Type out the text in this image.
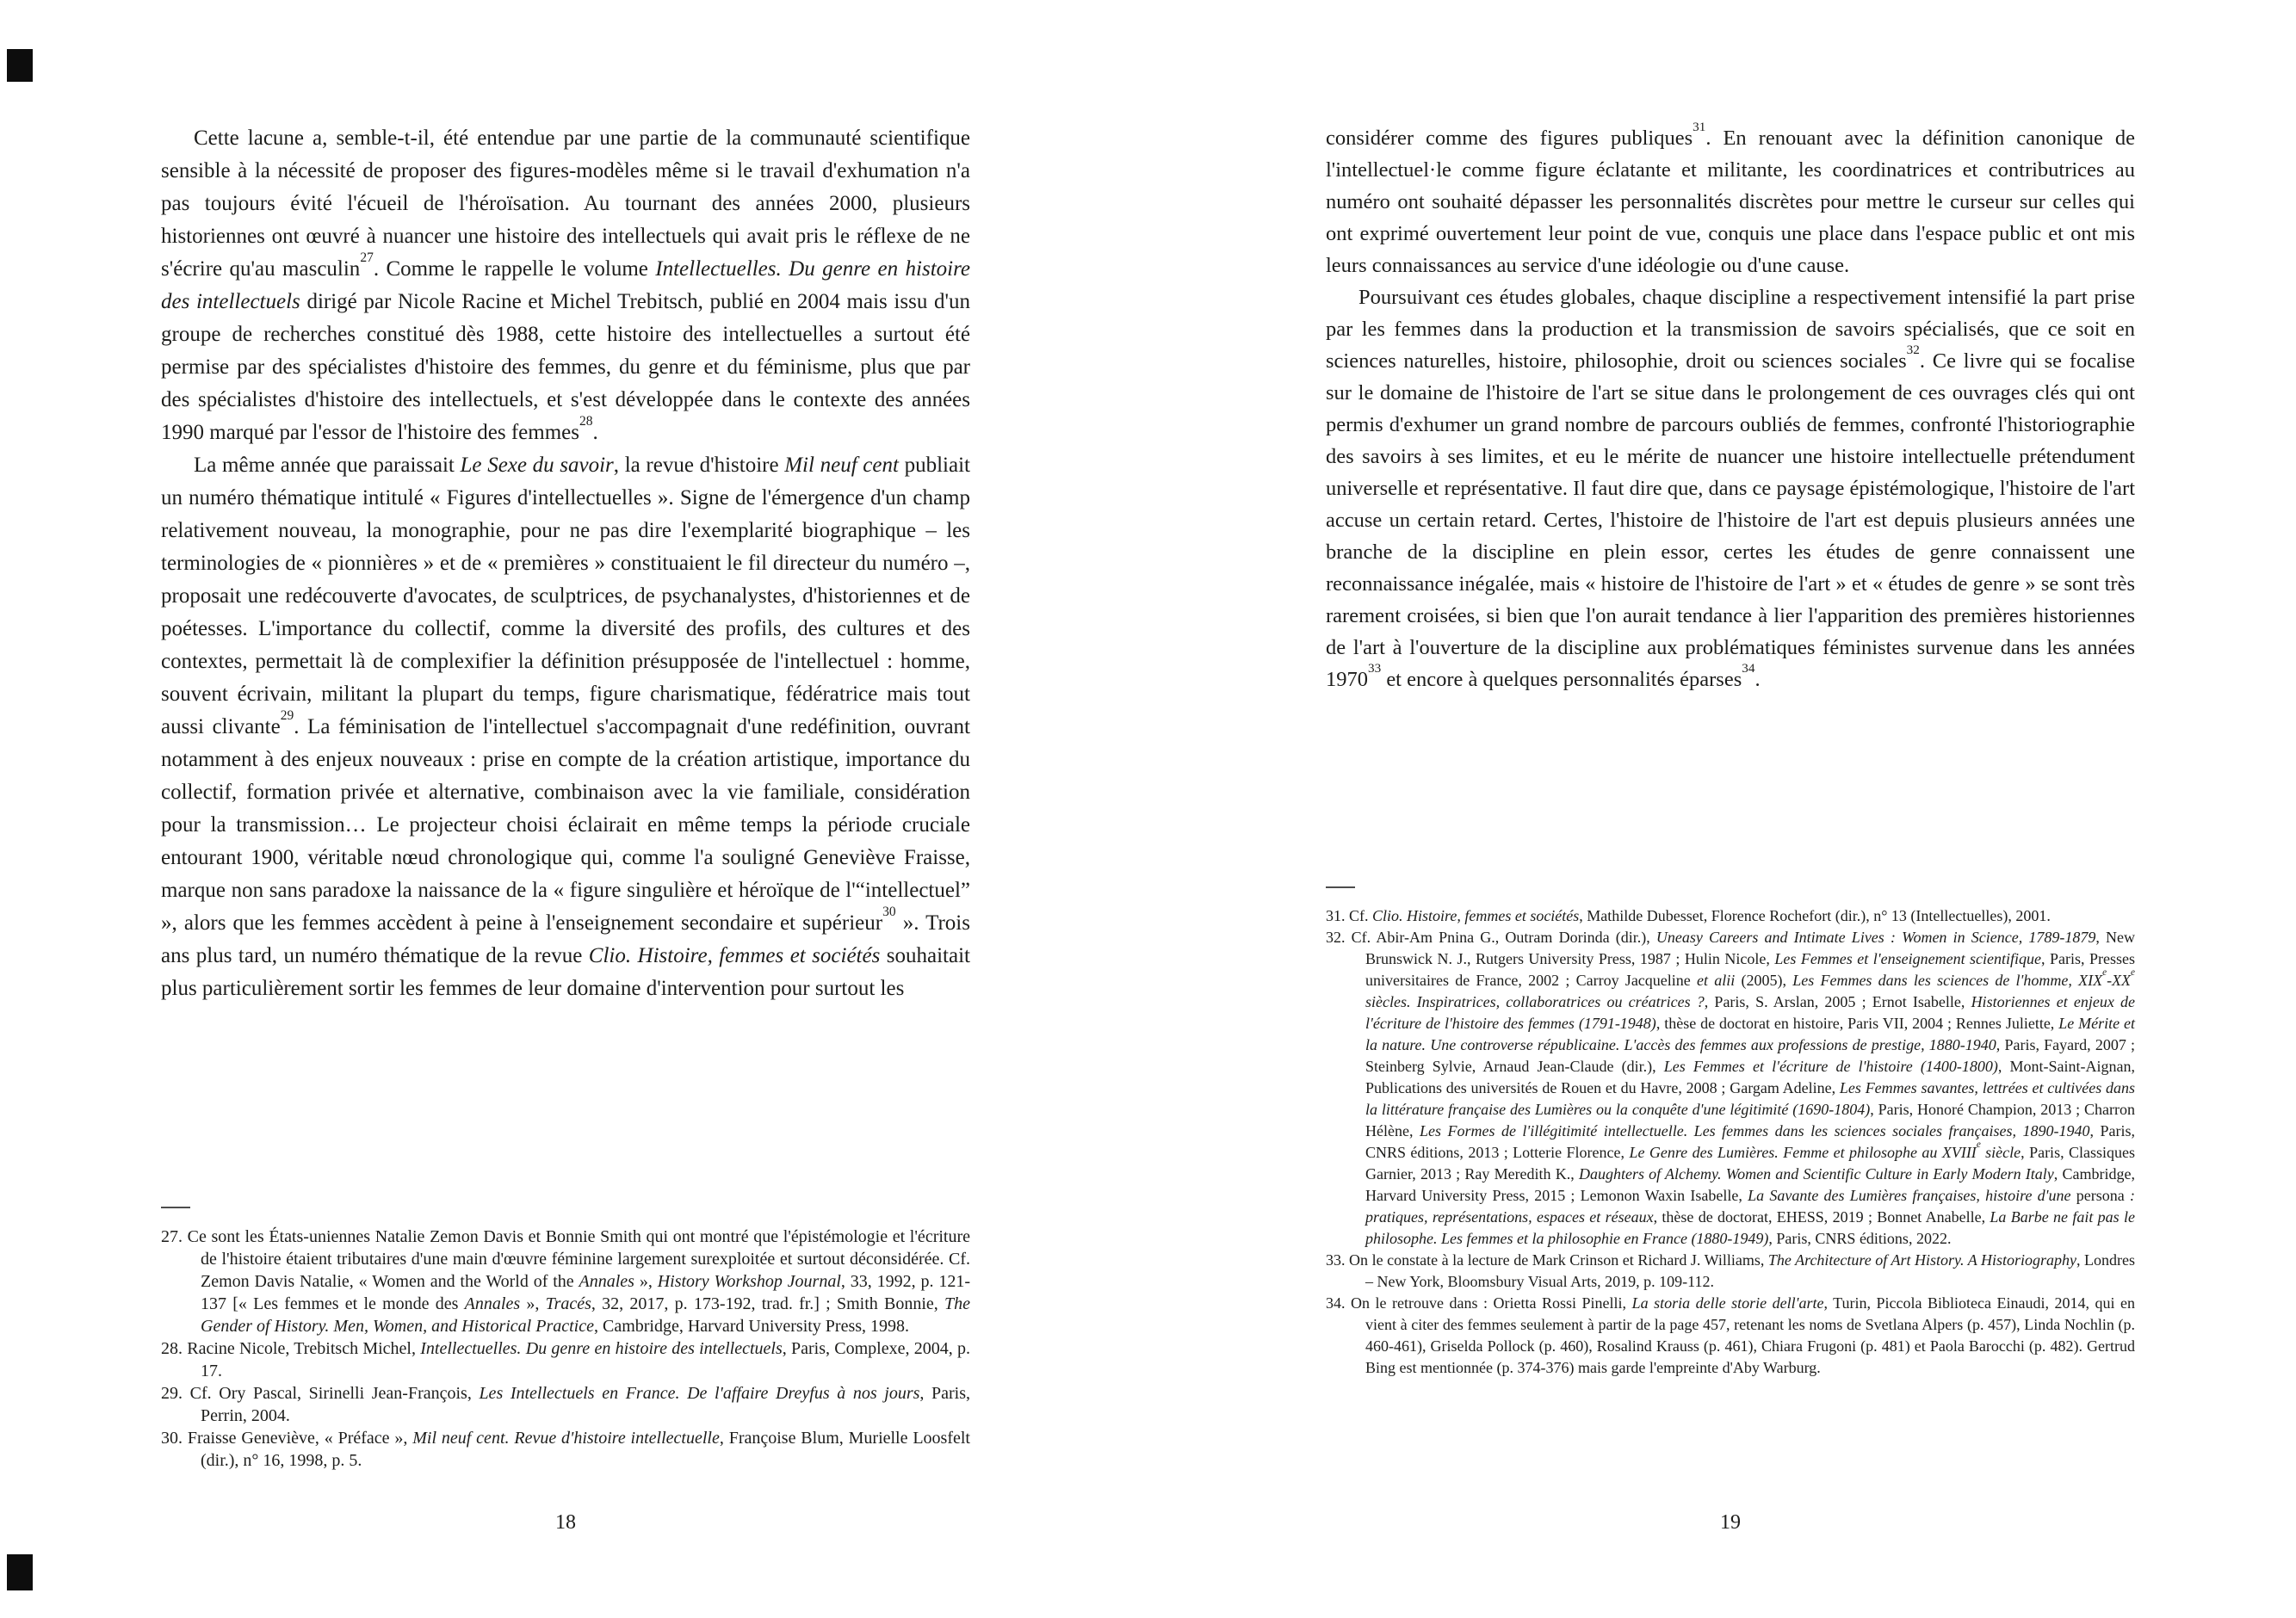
Cette lacune a, semble-t-il, été entendue par une partie de la communauté scientifique sensible à la nécessité de proposer des figures-modèles même si le travail d'exhumation n'a pas toujours évité l'écueil de l'héroïsation. Au tournant des années 2000, plusieurs historiennes ont œuvré à nuancer une histoire des intellectuels qui avait pris le réflexe de ne s'écrire qu'au masculin$^{27}$. Comme le rappelle le volume Intellectuelles. Du genre en histoire des intellectuels dirigé par Nicole Racine et Michel Trebitsch, publié en 2004 mais issu d'un groupe de recherches constitué dès 1988, cette histoire des intellectuelles a surtout été permise par des spécialistes d'histoire des femmes, du genre et du féminisme, plus que par des spécialistes d'histoire des intellectuels, et s'est développée dans le contexte des années 1990 marqué par l'essor de l'histoire des femmes$^{28}$.

La même année que paraissait Le Sexe du savoir, la revue d'histoire Mil neuf cent publiait un numéro thématique intitulé « Figures d'intellectuelles ». Signe de l'émergence d'un champ relativement nouveau, la monographie, pour ne pas dire l'exemplarité biographique – les terminologies de « pionnières » et de « premières » constituaient le fil directeur du numéro –, proposait une redécouverte d'avocates, de sculptrices, de psychanalystes, d'historiennes et de poétesses. L'importance du collectif, comme la diversité des profils, des cultures et des contextes, permettait là de complexifier la définition présupposée de l'intellectuel : homme, souvent écrivain, militant la plupart du temps, figure charismatique, fédératrice mais tout aussi clivante$^{29}$. La féminisation de l'intellectuel s'accompagnait d'une redéfinition, ouvrant notamment à des enjeux nouveaux : prise en compte de la création artistique, importance du collectif, formation privée et alternative, combinaison avec la vie familiale, considération pour la transmission… Le projecteur choisi éclairait en même temps la période cruciale entourant 1900, véritable nœud chronologique qui, comme l'a souligné Geneviève Fraisse, marque non sans paradoxe la naissance de la « figure singulière et héroïque de l'“intellectuel” », alors que les femmes accèdent à peine à l'enseignement secondaire et supérieur$^{30}$ ». Trois ans plus tard, un numéro thématique de la revue Clio. Histoire, femmes et sociétés souhaitait plus particulièrement sortir les femmes de leur domaine d'intervention pour surtout les

27. Ce sont les États-uniennes Natalie Zemon Davis et Bonnie Smith qui ont montré que l'épistémologie et l'écriture de l'histoire étaient tributaires d'une main d'œuvre féminine largement surexploitée et surtout déconsidérée. Cf. Zemon Davis Natalie, « Women and the World of the Annales », History Workshop Journal, 33, 1992, p. 121-137 [« Les femmes et le monde des Annales », Tracés, 32, 2017, p. 173-192, trad. fr.] ; Smith Bonnie, The Gender of History. Men, Women, and Historical Practice, Cambridge, Harvard University Press, 1998.
28. Racine Nicole, Trebitsch Michel, Intellectuelles. Du genre en histoire des intellectuels, Paris, Complexe, 2004, p. 17.
29. Cf. Ory Pascal, Sirinelli Jean-François, Les Intellectuels en France. De l'affaire Dreyfus à nos jours, Paris, Perrin, 2004.
30. Fraisse Geneviève, « Préface », Mil neuf cent. Revue d'histoire intellectuelle, Françoise Blum, Murielle Loosfelt (dir.), n° 16, 1998, p. 5.
18

considérer comme des figures publiques$^{31}$. En renouant avec la définition canonique de l'intellectuel·le comme figure éclatante et militante, les coordinatrices et contributrices au numéro ont souhaité dépasser les personnalités discrètes pour mettre le curseur sur celles qui ont exprimé ouvertement leur point de vue, conquis une place dans l'espace public et ont mis leurs connaissances au service d'une idéologie ou d'une cause.

Poursuivant ces études globales, chaque discipline a respectivement intensifié la part prise par les femmes dans la production et la transmission de savoirs spécialisés, que ce soit en sciences naturelles, histoire, philosophie, droit ou sciences sociales$^{32}$. Ce livre qui se focalise sur le domaine de l'histoire de l'art se situe dans le prolongement de ces ouvrages clés qui ont permis d'exhumer un grand nombre de parcours oubliés de femmes, confronté l'historiographie des savoirs à ses limites, et eu le mérite de nuancer une histoire intellectuelle prétendument universelle et représentative. Il faut dire que, dans ce paysage épistémologique, l'histoire de l'art accuse un certain retard. Certes, l'histoire de l'histoire de l'art est depuis plusieurs années une branche de la discipline en plein essor, certes les études de genre connaissent une reconnaissance inégalée, mais « histoire de l'histoire de l'art » et « études de genre » se sont très rarement croisées, si bien que l'on aurait tendance à lier l'apparition des premières historiennes de l'art à l'ouverture de la discipline aux problématiques féministes survenue dans les années 1970$^{33}$ et encore à quelques personnalités éparses$^{34}$.

31. Cf. Clio. Histoire, femmes et sociétés, Mathilde Dubesset, Florence Rochefort (dir.), n° 13 (Intellectuelles), 2001.
32. Cf. Abir-Am Pnina G., Outram Dorinda (dir.), Uneasy Careers and Intimate Lives : Women in Science, 1789-1879, New Brunswick N. J., Rutgers University Press, 1987 ; Hulin Nicole, Les Femmes et l'enseignement scientifique, Paris, Presses universitaires de France, 2002 ; Carroy Jacqueline et alii (2005), Les Femmes dans les sciences de l'homme, XIXe-XXe siècles. Inspiratrices, collaboratrices ou créatrices ?, Paris, S. Arslan, 2005 ; Ernot Isabelle, Historiennes et enjeux de l'écriture de l'histoire des femmes (1791-1948), thèse de doctorat en histoire, Paris VII, 2004 ; Rennes Juliette, Le Mérite et la nature. Une controverse républicaine. L'accès des femmes aux professions de prestige, 1880-1940, Paris, Fayard, 2007 ; Steinberg Sylvie, Arnaud Jean-Claude (dir.), Les Femmes et l'écriture de l'histoire (1400-1800), Mont-Saint-Aignan, Publications des universités de Rouen et du Havre, 2008 ; Gargam Adeline, Les Femmes savantes, lettrées et cultivées dans la littérature française des Lumières ou la conquête d'une légitimité (1690-1804), Paris, Honoré Champion, 2013 ; Charron Hélène, Les Formes de l'illégitimité intellectuelle. Les femmes dans les sciences sociales françaises, 1890-1940, Paris, CNRS éditions, 2013 ; Lotterie Florence, Le Genre des Lumières. Femme et philosophe au XVIIIe siècle, Paris, Classiques Garnier, 2013 ; Ray Meredith K., Daughters of Alchemy. Women and Scientific Culture in Early Modern Italy, Cambridge, Harvard University Press, 2015 ; Lemonon Waxin Isabelle, La Savante des Lumières françaises, histoire d'une persona : pratiques, représentations, espaces et réseaux, thèse de doctorat, EHESS, 2019 ; Bonnet Anabelle, La Barbe ne fait pas le philosophe. Les femmes et la philosophie en France (1880-1949), Paris, CNRS éditions, 2022.
33. On le constate à la lecture de Mark Crinson et Richard J. Williams, The Architecture of Art History. A Historiography, Londres – New York, Bloomsbury Visual Arts, 2019, p. 109-112.
34. On le retrouve dans : Orietta Rossi Pinelli, La storia delle storie dell'arte, Turin, Piccola Biblioteca Einaudi, 2014, qui en vient à citer des femmes seulement à partir de la page 457, retenant les noms de Svetlana Alpers (p. 457), Linda Nochlin (p. 460-461), Griselda Pollock (p. 460), Rosalind Krauss (p. 461), Chiara Frugoni (p. 481) et Paola Barocchi (p. 482). Gertrud Bing est mentionnée (p. 374-376) mais garde l'empreinte d'Aby Warburg.
19
